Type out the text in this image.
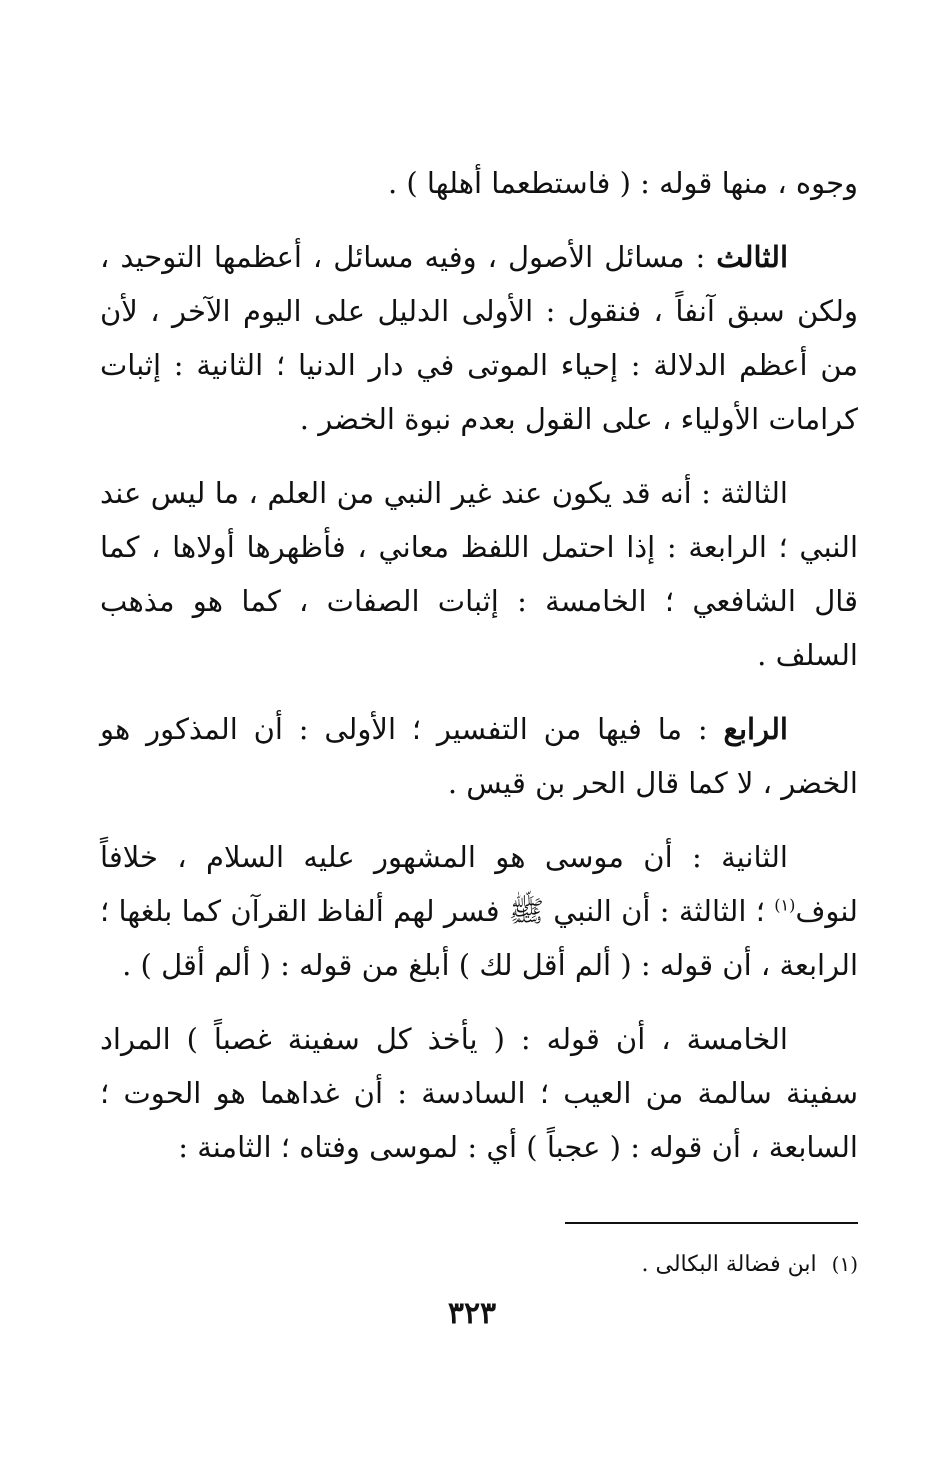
وجوه ، منها قوله : ( فاستطعما أهلها ) .

الثالث : مسائل الأصول ، وفيه مسائل ، أعظمها التوحيد ، ولكن سبق آنفاً ، فنقول : الأولى الدليل على اليوم الآخر ، لأن من أعظم الدلالة : إحياء الموتى في دار الدنيا ؛ الثانية : إثبات كرامات الأولياء ، على القول بعدم نبوة الخضر .

الثالثة : أنه قد يكون عند غير النبي من العلم ، ما ليس عند النبي ؛ الرابعة : إذا احتمل اللفظ معاني ، فأظهرها أولاها ، كما قال الشافعي ؛ الخامسة : إثبات الصفات ، كما هو مذهب السلف .

الرابع : ما فيها من التفسير ؛ الأولى : أن المذكور هو الخضر ، لا كما قال الحر بن قيس .

الثانية : أن موسى هو المشهور عليه السلام ، خلافاً لنوف$^{(١)}$ ؛ الثالثة : أن النبي ﷺ فسر لهم ألفاظ القرآن كما بلغها ؛ الرابعة ، أن قوله : ( ألم أقل لك ) أبلغ من قوله : ( ألم أقل ) .

الخامسة ، أن قوله : ( يأخذ كل سفينة غصباً ) المراد سفينة سالمة من العيب ؛ السادسة : أن غداهما هو الحوت ؛ السابعة ، أن قوله : ( عجباً ) أي : لموسى وفتاه ؛ الثامنة :

(١) ابن فضالة البكالى .
٣٢٣
